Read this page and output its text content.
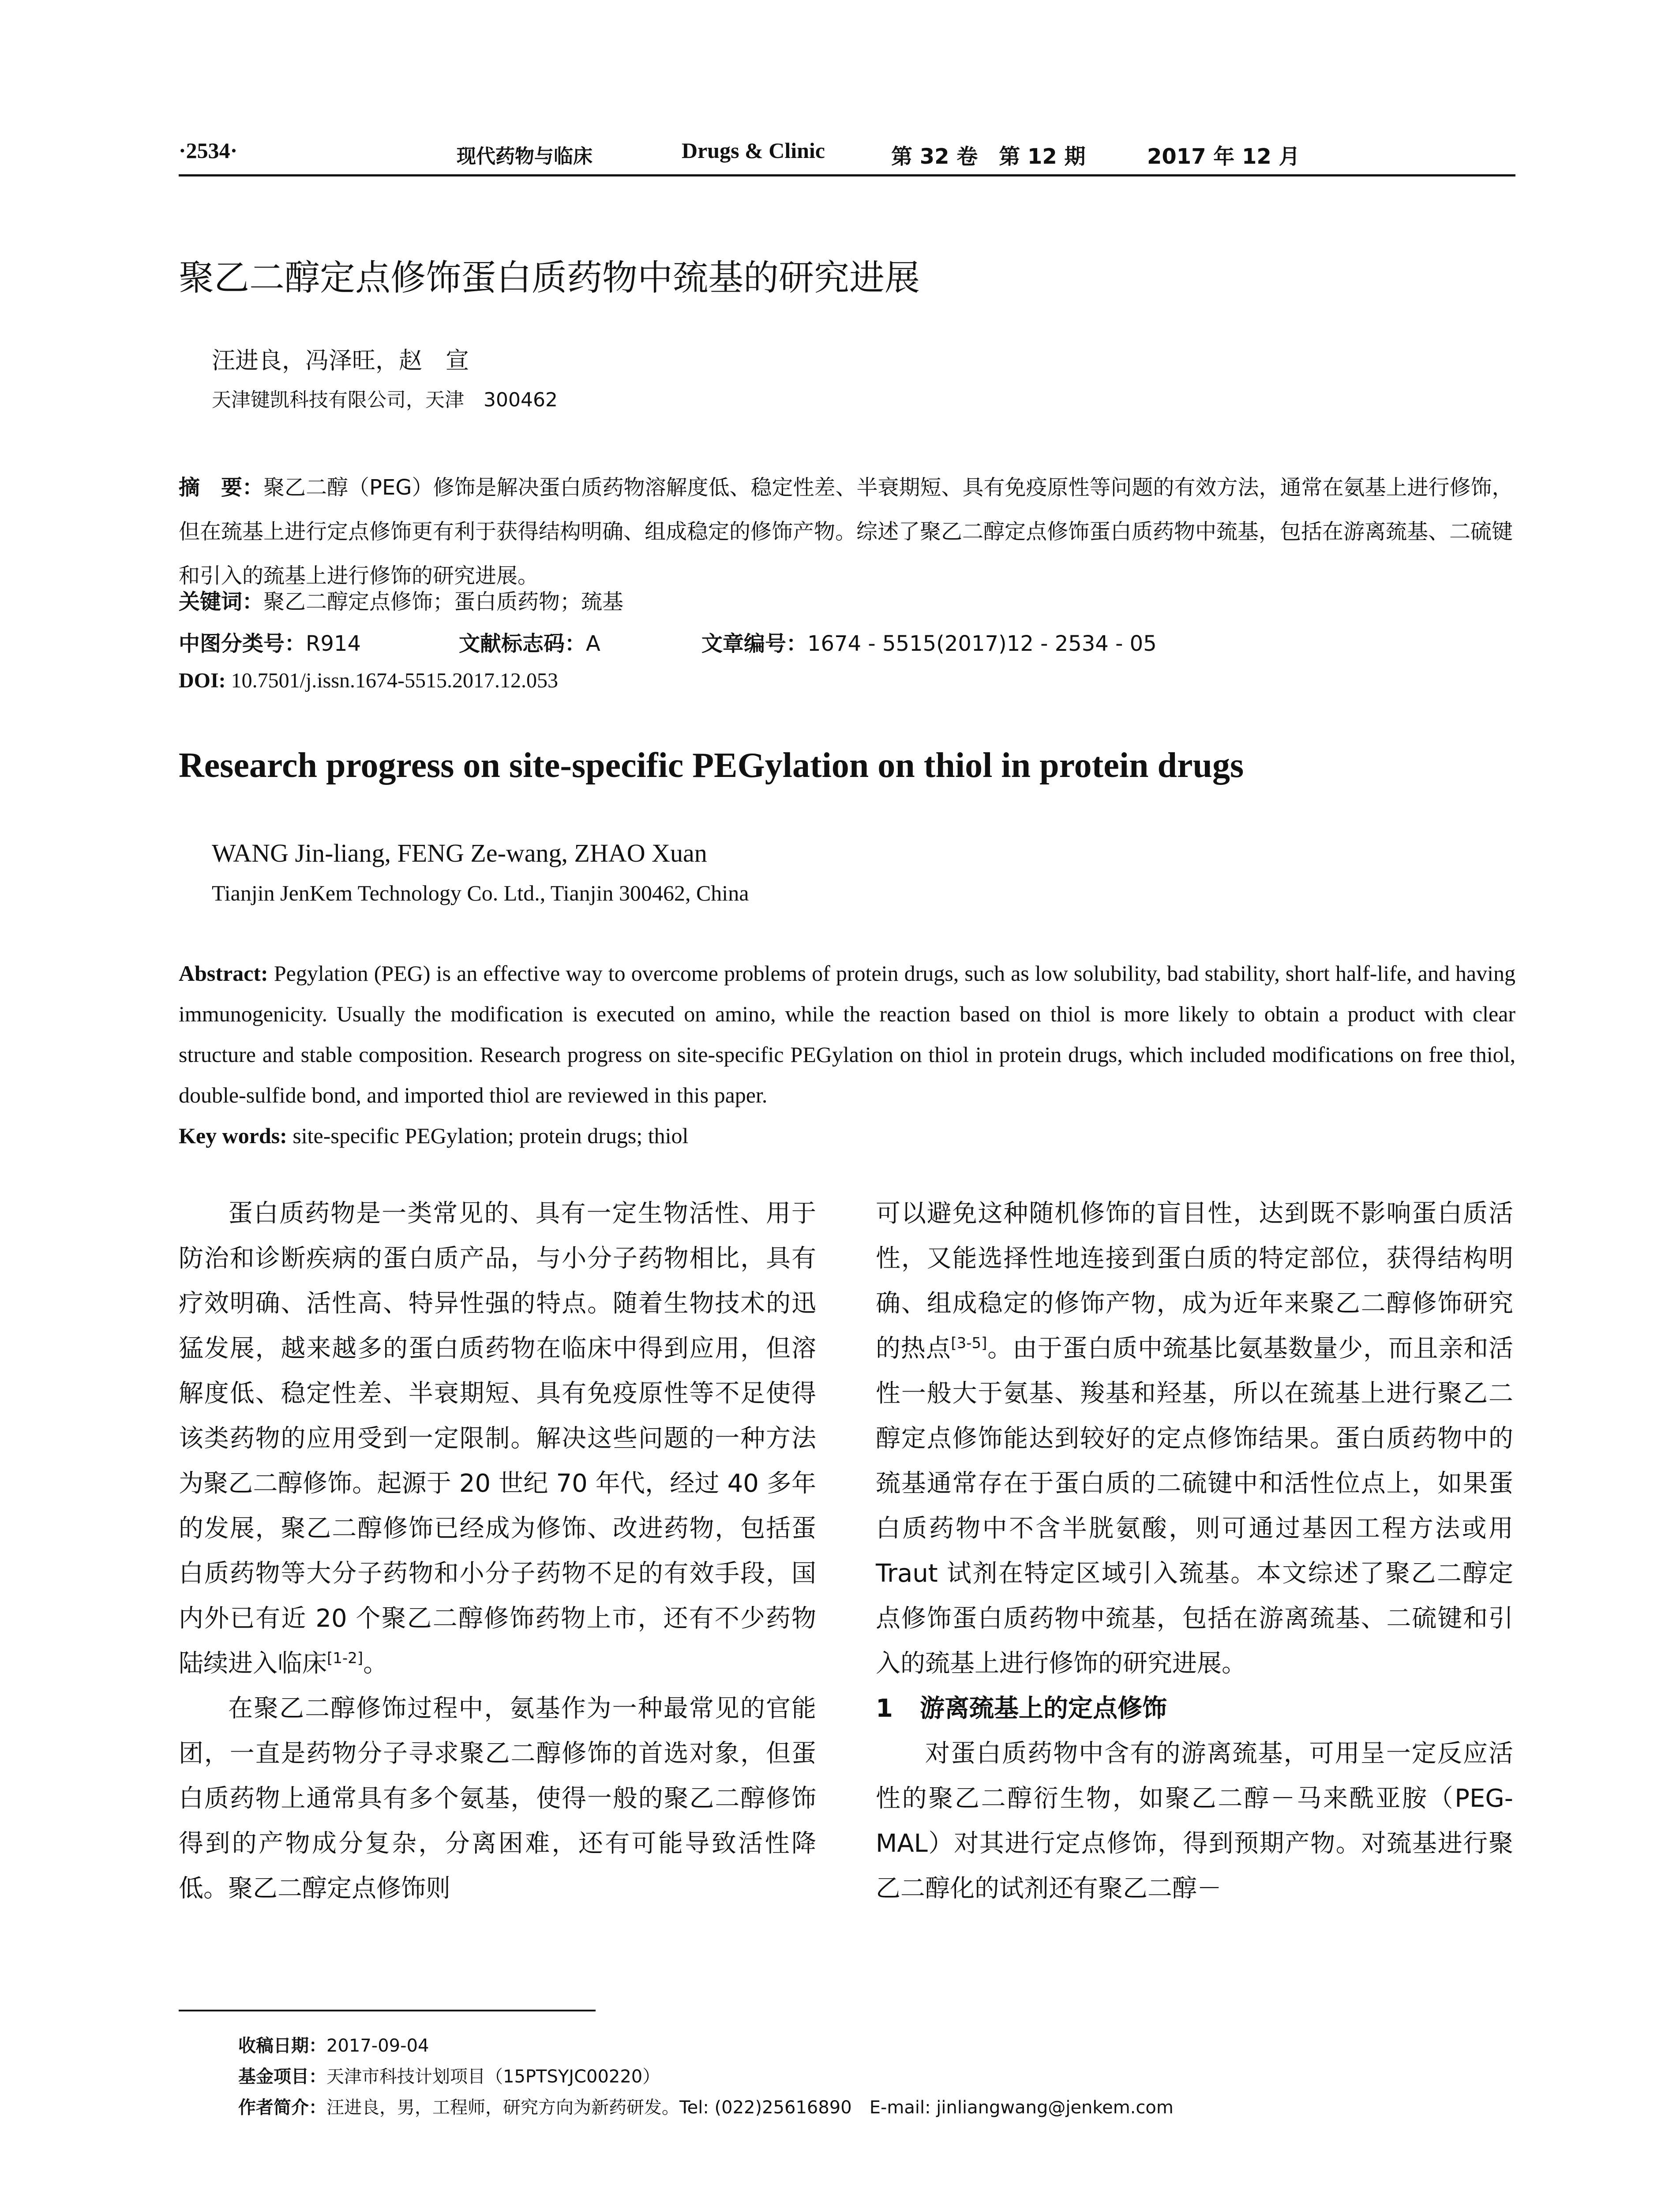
·2534·	现代药物与临床	Drugs & Clinic	第 32 卷　第 12 期	2017 年 12 月
聚乙二醇定点修饰蛋白质药物中巯基的研究进展
汪进良，冯泽旺，赵　宣
天津键凯科技有限公司，天津　300462

摘　要：聚乙二醇（PEG）修饰是解决蛋白质药物溶解度低、稳定性差、半衰期短、具有免疫原性等问题的有效方法，通常在氨基上进行修饰，但在巯基上进行定点修饰更有利于获得结构明确、组成稳定的修饰产物。综述了聚乙二醇定点修饰蛋白质药物中巯基，包括在游离巯基、二硫键和引入的巯基上进行修饰的研究进展。

关键词：聚乙二醇定点修饰；蛋白质药物；巯基
中图分类号：R914	文献标志码：A	文章编号：1674 - 5515(2017)12 - 2534 - 05
DOI: 10.7501/j.issn.1674-5515.2017.12.053
Research progress on site-specific PEGylation on thiol in protein drugs
WANG Jin-liang, FENG Ze-wang, ZHAO Xuan
Tianjin JenKem Technology Co. Ltd., Tianjin 300462, China

Abstract: Pegylation (PEG) is an effective way to overcome problems of protein drugs, such as low solubility, bad stability, short half-life, and having immunogenicity. Usually the modification is executed on amino, while the reaction based on thiol is more likely to obtain a product with clear structure and stable composition. Research progress on site-specific PEGylation on thiol in protein drugs, which included modifications on free thiol, double-sulfide bond, and imported thiol are reviewed in this paper.

Key words: site-specific PEGylation; protein drugs; thiol

蛋白质药物是一类常见的、具有一定生物活性、用于防治和诊断疾病的蛋白质产品，与小分子药物相比，具有疗效明确、活性高、特异性强的特点。随着生物技术的迅猛发展，越来越多的蛋白质药物在临床中得到应用，但溶解度低、稳定性差、半衰期短、具有免疫原性等不足使得该类药物的应用受到一定限制。解决这些问题的一种方法为聚乙二醇修饰。起源于 20 世纪 70 年代，经过 40 多年的发展，聚乙二醇修饰已经成为修饰、改进药物，包括蛋白质药物等大分子药物和小分子药物不足的有效手段，国内外已有近 20 个聚乙二醇修饰药物上市，还有不少药物陆续进入临床[1-2]。

在聚乙二醇修饰过程中，氨基作为一种最常见的官能团，一直是药物分子寻求聚乙二醇修饰的首选对象，但蛋白质药物上通常具有多个氨基，使得一般的聚乙二醇修饰得到的产物成分复杂，分离困难，还有可能导致活性降低。聚乙二醇定点修饰则

可以避免这种随机修饰的盲目性，达到既不影响蛋白质活性，又能选择性地连接到蛋白质的特定部位，获得结构明确、组成稳定的修饰产物，成为近年来聚乙二醇修饰研究的热点[3-5]。由于蛋白质中巯基比氨基数量少，而且亲和活性一般大于氨基、羧基和羟基，所以在巯基上进行聚乙二醇定点修饰能达到较好的定点修饰结果。蛋白质药物中的巯基通常存在于蛋白质的二硫键中和活性位点上，如果蛋白质药物中不含半胱氨酸，则可通过基因工程方法或用 Traut 试剂在特定区域引入巯基。本文综述了聚乙二醇定点修饰蛋白质药物中巯基，包括在游离巯基、二硫键和引入的巯基上进行修饰的研究进展。

1 游离巯基上的定点修饰

对蛋白质药物中含有的游离巯基，可用呈一定反应活性的聚乙二醇衍生物，如聚乙二醇－马来酰亚胺（PEG-MAL）对其进行定点修饰，得到预期产物。对巯基进行聚乙二醇化的试剂还有聚乙二醇－

收稿日期：2017-09-04
基金项目：天津市科技计划项目（15PTSYJC00220）
作者简介：汪进良，男，工程师，研究方向为新药研发。Tel: (022)25616890　E-mail: jinliangwang@jenkem.com
